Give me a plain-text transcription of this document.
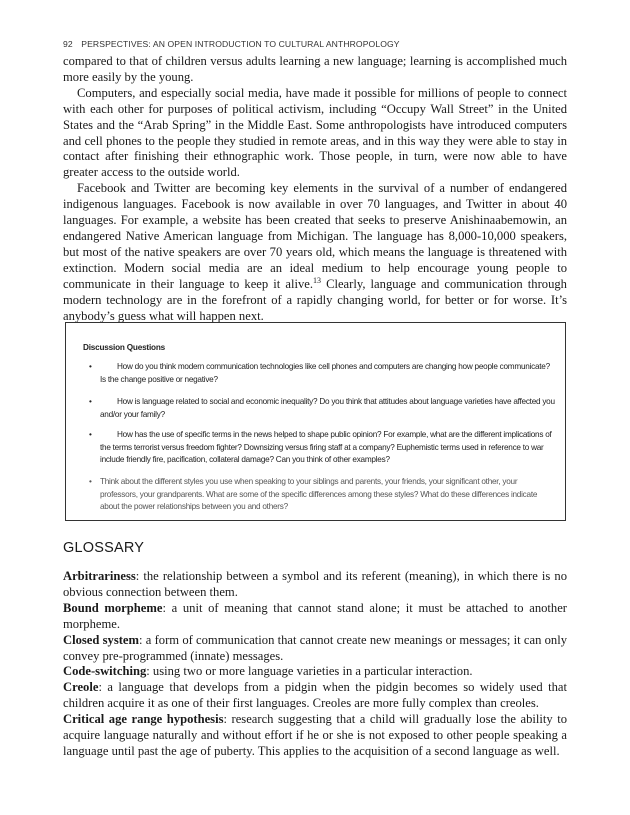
92 PERSPECTIVES: AN OPEN INTRODUCTION TO CULTURAL ANTHROPOLOGY

compared to that of children versus adults learning a new language; learning is accomplished much more easily by the young.

Computers, and especially social media, have made it possible for millions of people to connect with each other for purposes of political activism, including “Occupy Wall Street” in the United States and the “Arab Spring” in the Middle East. Some anthropologists have introduced computers and cell phones to the people they studied in remote areas, and in this way they were able to stay in contact after finishing their ethnographic work. Those people, in turn, were now able to have greater access to the outside world.

Facebook and Twitter are becoming key elements in the survival of a number of endangered indigenous languages. Facebook is now available in over 70 languages, and Twitter in about 40 languages. For example, a website has been created that seeks to preserve Anishinaabemowin, an endangered Native American language from Michigan. The language has 8,000-10,000 speakers, but most of the native speakers are over 70 years old, which means the language is threatened with extinction. Modern social media are an ideal medium to help encourage young people to communicate in their language to keep it alive.$^{13}$ Clearly, language and communication through modern technology are in the forefront of a rapidly changing world, for better or for worse. It’s anybody’s guess what will happen next.

Discussion Questions
•	How do you think modern communication technologies like cell phones and computers are changing how people communicate? Is the change positive or negative?
•	How is language related to social and economic inequality? Do you think that attitudes about language varieties have affected you and/or your family?
•	How has the use of specific terms in the news helped to shape public opinion? For example, what are the different implications of the terms terrorist versus freedom fighter? Downsizing versus firing staff at a company? Euphemistic terms used in reference to war include friendly fire, pacification, collateral damage? Can you think of other examples?
• Think about the different styles you use when speaking to your siblings and parents, your friends, your significant other, your professors, your grandparents. What are some of the specific differences among these styles? What do these differences indicate about the power relationships between you and others?
GLOSSARY

Arbitrariness: the relationship between a symbol and its referent (meaning), in which there is no obvious connection between them.

Bound morpheme: a unit of meaning that cannot stand alone; it must be attached to another morpheme.

Closed system: a form of communication that cannot create new meanings or messages; it can only convey pre-programmed (innate) messages.

Code-switching: using two or more language varieties in a particular interaction.

Creole: a language that develops from a pidgin when the pidgin becomes so widely used that children acquire it as one of their first languages. Creoles are more fully complex than creoles.

Critical age range hypothesis: research suggesting that a child will gradually lose the ability to acquire language naturally and without effort if he or she is not exposed to other people speaking a language until past the age of puberty. This applies to the acquisition of a second language as well.
